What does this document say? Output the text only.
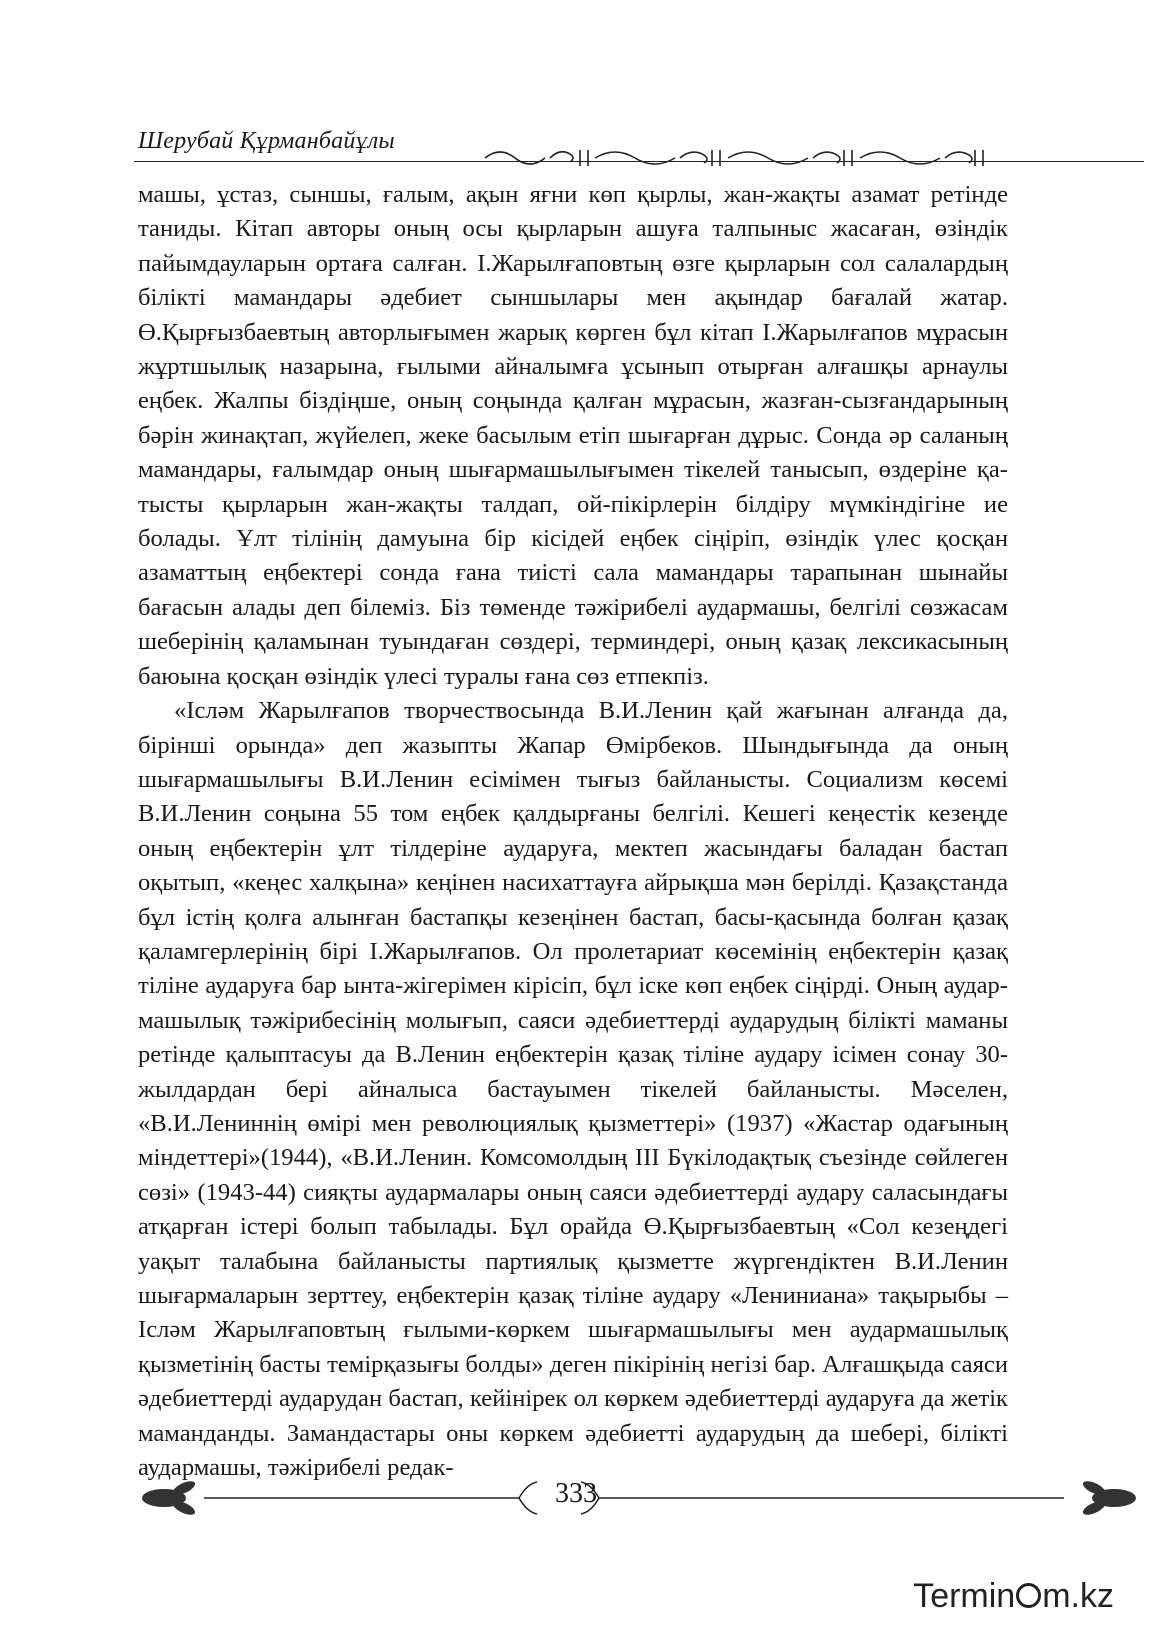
Шерубай Құрманбайұлы

машы, ұстаз, сыншы, ғалым, ақын яғни көп қырлы, жан-жақты азамат ретінде таниды. Кітап авторы оның осы қырларын ашуға талпыныс жасаған, өзіндік пайымдауларын ортаға салған. І.Жарылғаповтың өзге қырларын сол салалардың білікті мамандары әдебиет сыншылары мен ақындар бағалай жатар. Ө.Қырғызбаевтың авторлығымен жарық көрген бұл кітап І.Жарылғапов мұрасын жұртшылық назарына, ғылыми айналымға ұсынып отырған алғашқы арнаулы еңбек. Жалпы біздіңше, оның соңында қалған мұрасын, жазған-сызғандарының бәрін жинақтап, жүйелеп, жеке басылым етіп шығарған дұрыс. Сонда әр саланың мамандары, ғалымдар оның шығармашылығымен тікелей танысып, өздеріне қатысты қырларын жан-жақты талдап, ой-пікірлерін білдіру мүмкіндігіне ие болады. Ұлт тілінің дамуына бір кісідей еңбек сіңіріп, өзіндік үлес қосқан азаматтың еңбектері сонда ғана тиісті сала мамандары тарапынан шынайы бағасын алады деп білеміз. Біз төменде тәжірибелі аудармашы, белгілі сөзжасам шеберінің қаламынан туындаған сөздері, терминдері, оның қазақ лексикасының баюына қосқан өзіндік үлесі туралы ғана сөз етпекпіз.

«Ісләм Жарылғапов творчествосында В.И.Ленин қай жағынан алғанда да, бірінші орында» деп жазыпты Жапар Өмірбеков. Шындығында да оның шығармашылығы В.И.Ленин есімімен тығыз байланысты. Социализм көсемі В.И.Ленин соңына 55 том еңбек қалдырғаны белгілі. Кешегі кеңестік кезеңде оның еңбектерін ұлт тілдеріне аударуға, мектеп жасындағы баладан бастап оқытып, «кеңес халқына» кеңінен насихаттауға айрықша мән берілді. Қазақстанда бұл істің қолға алынған бастапқы кезеңінен бастап, басы-қасында болған қазақ қаламгерлерінің бірі І.Жарылғапов. Ол пролетариат көсемінің еңбектерін қазақ тіліне аударуға бар ынта-жігерімен кірісіп, бұл іске көп еңбек сіңірді. Оның аудармашылық тәжірибесінің молығып, саяси әдебиеттерді аударудың білікті маманы ретінде қалыптасуы да В.Ленин еңбектерін қазақ тіліне аудару ісімен сонау 30-жылдардан бері айналыса бастауымен тікелей байланысты. Мәселен, «В.И.Лениннің өмірі мен революциялық қызметтері» (1937) «Жастар одағының міндеттері»(1944), «В.И.Ленин. Комсомолдың III Бүкілодақтық съезінде сөйлеген сөзі» (1943-44) сияқты аудармалары оның саяси әдебиеттерді аудару саласындағы атқарған істері болып табылады. Бұл орайда Ө.Қырғызбаевтың «Сол кезеңдегі уақыт талабына байланысты партиялық қызметте жүргендіктен В.И.Ленин шығармаларын зерттеу, еңбектерін қазақ тіліне аудару «Лениниана» тақырыбы – Ісләм Жарылғаповтың ғылыми-көркем шығармашылығы мен аудармашылық қызметінің басты темірқазығы болды» деген пікірінің негізі бар. Алғашқыда саяси әдебиеттерді аударудан бастап, кейінірек ол көркем әдебиеттерді аударуға да жетік маманданды. Замандастары оны көркем әдебиетті аударудың да шебері, білікті аудармашы, тәжірибелі редак-

333
Termin m.kz
